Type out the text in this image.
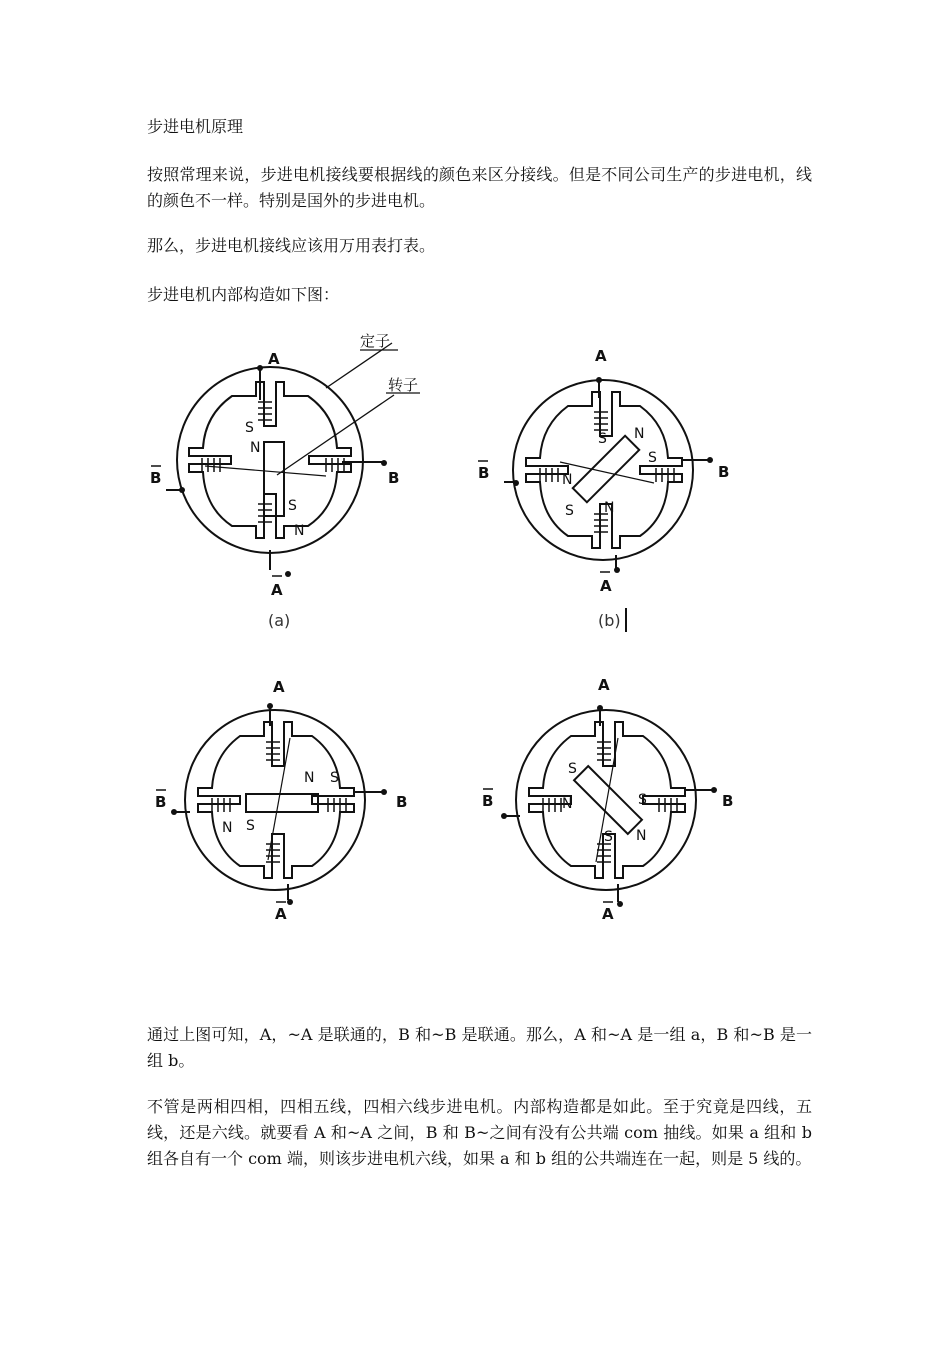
步进电机原理

按照常理来说，步进电机接线要根据线的颜色来区分接线。但是不同公司生产的步进电机，线的颜色不一样。特别是国外的步进电机。

那么，步进电机接线应该用万用表打表。

步进电机内部构造如下图：

定子
转子
A
B
A
B
S
N
S
N
(a)
A
B
A
B
S N
S
N
S N
(b)
A
B
A
B
N S
N S
A
B
A
B
S
N	S
S N

通过上图可知，A，~A 是联通的，B 和~B 是联通。那么，A 和~A 是一组 a，B 和~B 是一组 b。

不管是两相四相，四相五线，四相六线步进电机。内部构造都是如此。至于究竟是四线，五线，还是六线。就要看 A 和~A 之间，B 和 B~之间有没有公共端 com 抽线。如果 a 组和 b 组各自有一个 com 端，则该步进电机六线，如果 a 和 b 组的公共端连在一起，则是 5 线的。
